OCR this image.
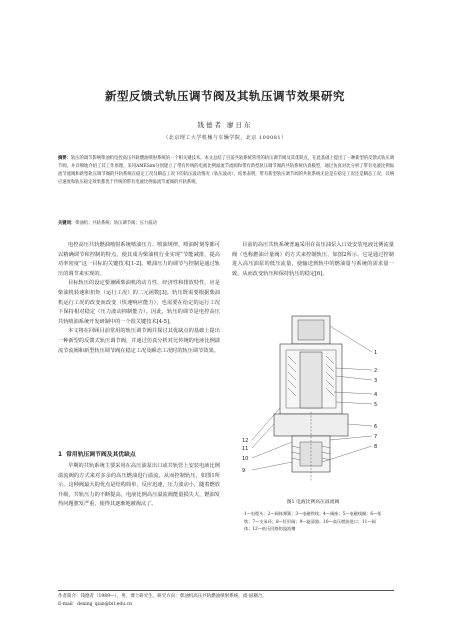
新型反馈式轨压调节阀及其轨压调节效果研究
钱德者 廖日东
（北京理工大学机械与车辆学院，北京 100081）
摘要：轨压的调节影响柴油机电控高压共轨燃油喷射系统的一个相关键技术。本文总结了目前共轨系统常用的轨压调节阀及其优缺点，在此基础上提出了一种新型的反馈式轨压调节阀，并详细地介绍了其工作原理。采用AMESim分别建立了带有传统的电液比例溢流节流阀和带有新型轨压调节阀的共轨系统仿真模型，通过仿真对比分析了带有电液比例溢流节流阀和新型轨压调节阀的共轨系统在稳定工况及瞬态工况下的轨压波动情况（轨压波动），结果表明，带有新型轨压调节阀的共轨系统无论是在稳定工况还是瞬态工况，其响应速度和轨压稳定效果都优于传统的带有电液比例溢流节流阀的共轨系统。
关键词：柴油机；共轨系统；轨压调节阀；压力波动

电控高压共轨燃油喷射系统喷油压力、喷油规律，喷油时刻等都可以精确调节和控制的特点，使其成为柴油机行业实现“节能减排，提高功率密度”这一目标的关键技术[1-2]。喷油压力的调节与控制是通过轨压的调节来实现的。

目标轨压的设定要兼顾柴油机的动力性、经济性和排放特性，应是柴油机转速和扭矩（运行工况）的二元函数[3]。轨压既需要根据柴油机运行工况的改变而改变（快速响应能力），也需要在给定的运行工况下保持相对稳定（压力波动抑制能力）。因此，轨压的调节是电控高压共轨喷油系统开发研制中的一个很关键技术[4-5]。

本文将在回顾目前常用的轨压调节阀并探讨其优缺点的基础上提出一种新型的反馈式轨压调节阀，并通过仿真分析对比传统的电液比例溢流节流阀和新型轨压调节阀在稳定工况及瞬态工况时的轨压调节效果。

1 常用轨压调节阀及其优缺点

早期的共轨系统主要采用在高压油泵出口或共轨管上安装电液比例溢流阀的方式来对多余的高压燃油进行溢流，从而控制轨压，如图1所示。这种阀最大的优点是结构简单，反应迅速，压力波动小，随着燃放升级，共轨压力的不断提高，电液比例高压溢流阀能量损失大，燃油发热问题愈发严重，使得其逐渐地被淘汰了。

目前的高压共轨系统普遍采用在高压油泵入口处安装电液比例流量阀（也称燃油计量阀）的方式来控制轨压，如图2所示。它是通过控制进入高压油泵的低压流量，使输送到轨中的燃油量与系统的需求量一致，从而改变轨压和保持轨压的稳定[6]。

1
2
3
4
5
6
7
8
9
10
11
12
图1 电液比例高压溢流阀
1—电缆头；2—阀体弹簧；3—电磁铁线；4—阀座；5—电磁线圈；6—衔铁；7—支承环；8—钉形阀；9—滤清器；10—高压燃油进口；11—阀体；12—低压回路的溢流槽
作者简介：钱德者（1989—），男，博士研究生，研究方向：柴油机高压共轨燃油喷射系统，流-固耦合。
E-mail：dexing_qian@bit.edu.cn
